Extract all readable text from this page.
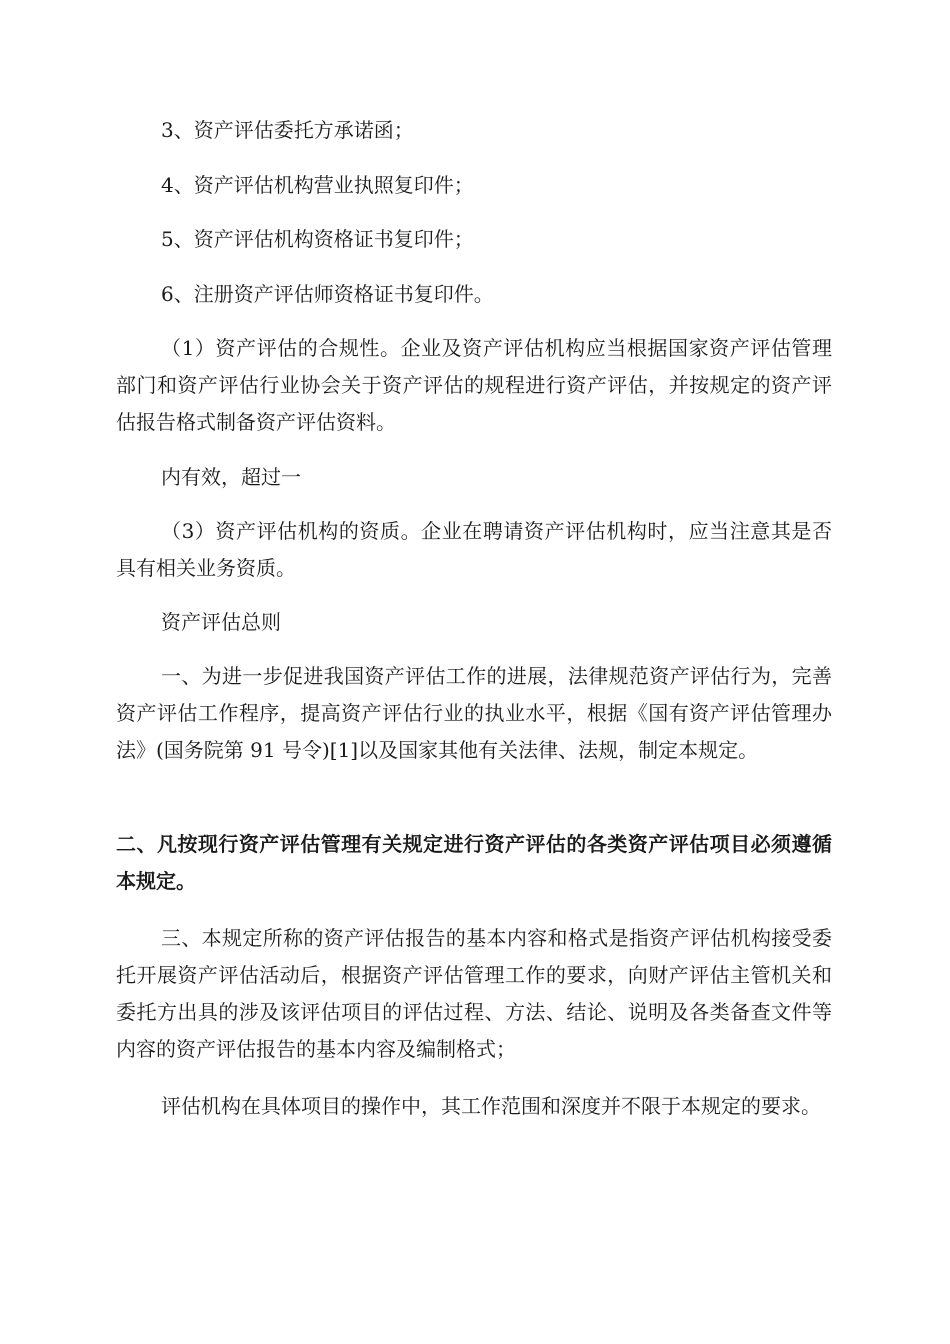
3、资产评估委托方承诺函；

4、资产评估机构营业执照复印件；

5、资产评估机构资格证书复印件；

6、注册资产评估师资格证书复印件。

（1）资产评估的合规性。企业及资产评估机构应当根据国家资产评估管理部门和资产评估行业协会关于资产评估的规程进行资产评估，并按规定的资产评估报告格式制备资产评估资料。

内有效，超过一

（3）资产评估机构的资质。企业在聘请资产评估机构时，应当注意其是否具有相关业务资质。

资产评估总则

一、为进一步促进我国资产评估工作的进展，法律规范资产评估行为，完善资产评估工作程序，提高资产评估行业的执业水平，根据《国有资产评估管理办法》(国务院第 91 号令)[1]以及国家其他有关法律、法规，制定本规定。

二、凡按现行资产评估管理有关规定进行资产评估的各类资产评估项目必须遵循本规定。

三、本规定所称的资产评估报告的基本内容和格式是指资产评估机构接受委托开展资产评估活动后，根据资产评估管理工作的要求，向财产评估主管机关和委托方出具的涉及该评估项目的评估过程、方法、结论、说明及各类备查文件等内容的资产评估报告的基本内容及编制格式；

评估机构在具体项目的操作中，其工作范围和深度并不限于本规定的要求。
